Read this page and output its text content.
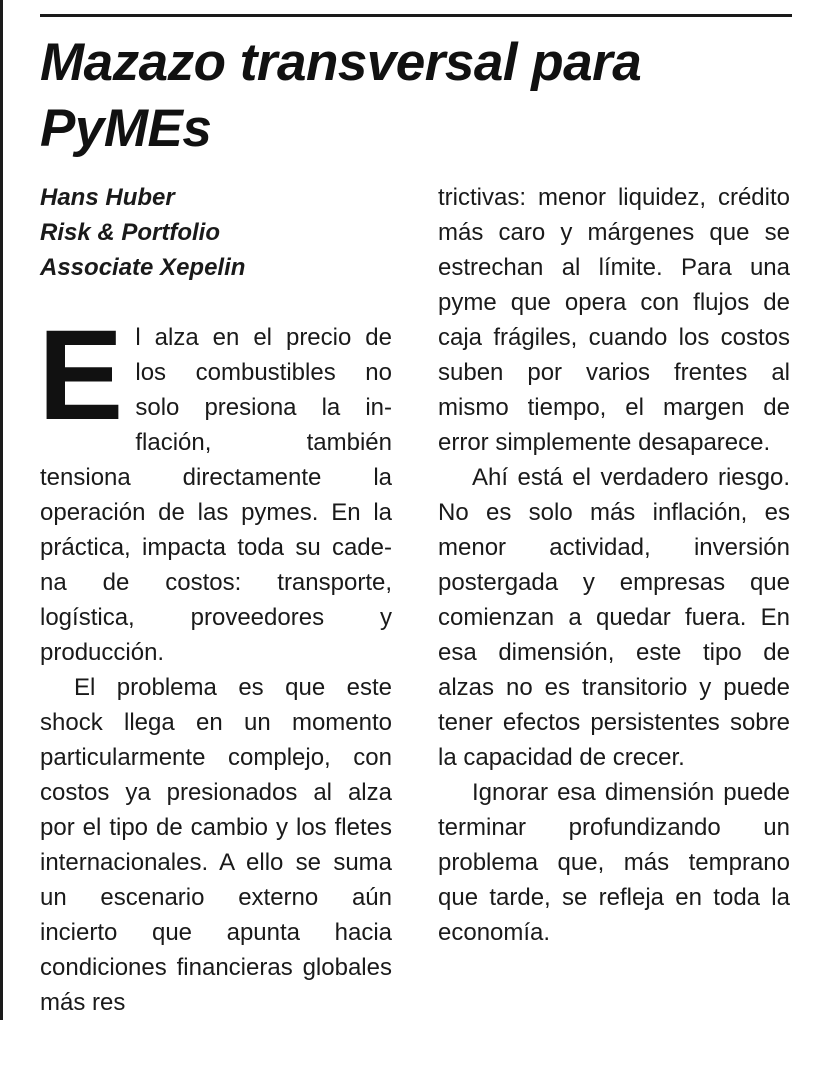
Mazazo transversal para PyMEs
Hans Huber
Risk & Portfolio
Associate Xepelin

El alza en el precio de los combustibles no solo presiona la inflación, también tensiona directamente la operación de las pymes. En la práctica, impacta toda su cadena de costos: transporte, logística, proveedores y producción.

El problema es que este shock llega en un momento particularmente complejo, con costos ya presionados al alza por el tipo de cambio y los fletes internacionales. A ello se suma un escenario externo aún incierto que apunta hacia condiciones financieras globales más res

trictivas: menor liquidez, crédito más caro y márgenes que se estrechan al límite. Para una pyme que opera con flujos de caja frágiles, cuando los costos suben por varios frentes al mismo tiempo, el margen de error simplemente desaparece.

Ahí está el verdadero riesgo. No es solo más inflación, es menor actividad, inversión postergada y empresas que comienzan a quedar fuera. En esa dimensión, este tipo de alzas no es transitorio y puede tener efectos persistentes sobre la capacidad de crecer.

Ignorar esa dimensión puede terminar profundizando un problema que, más temprano que tarde, se refleja en toda la economía.
